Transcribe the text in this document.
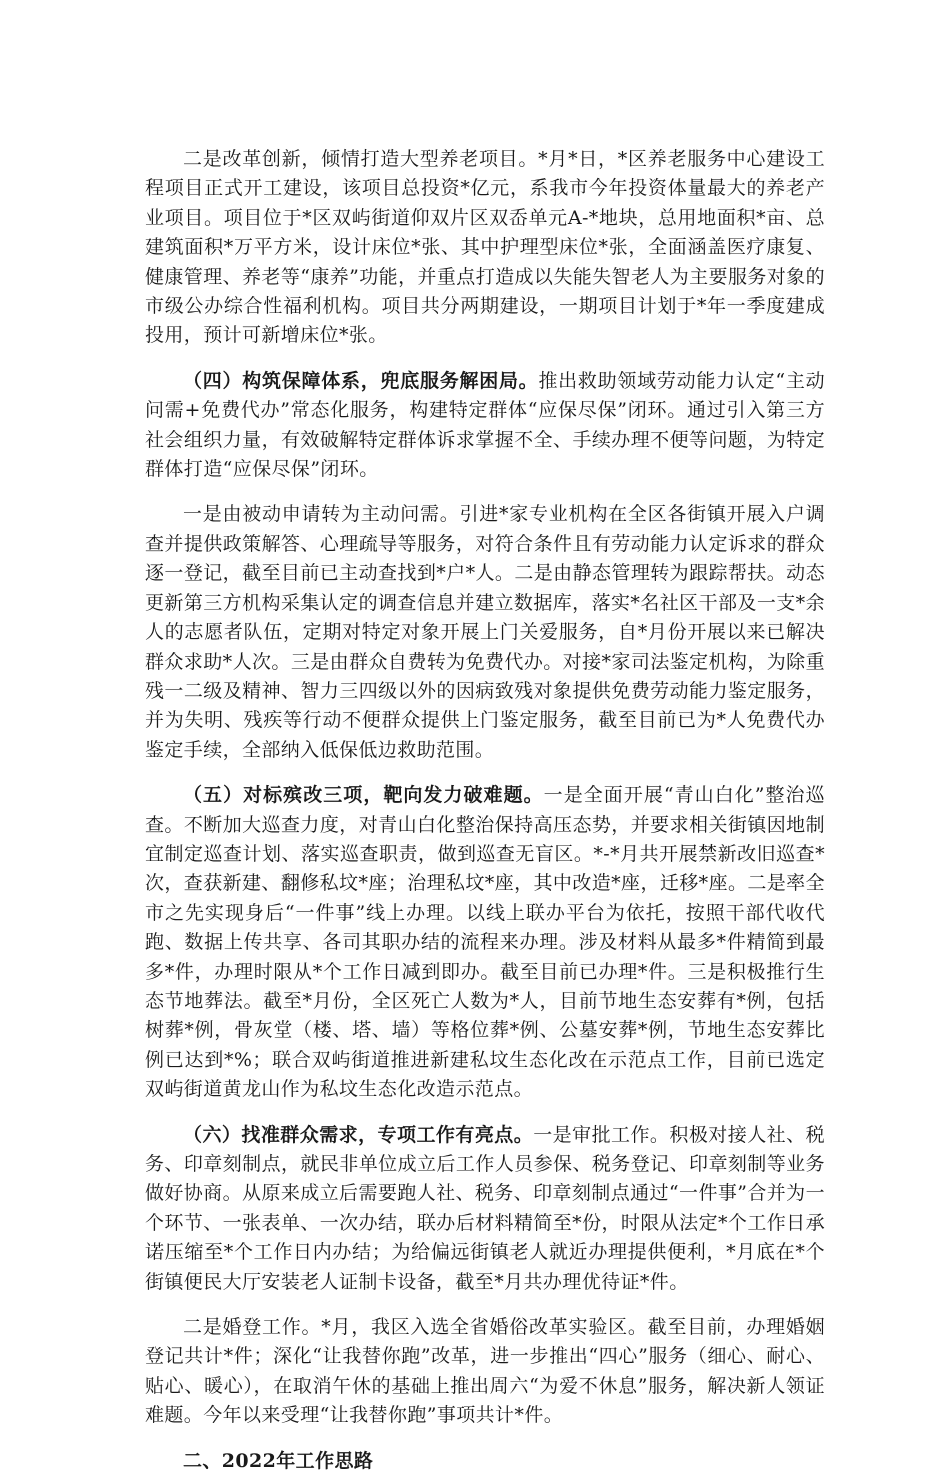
二是改革创新，倾情打造大型养老项目。*月*日，*区养老服务中心建设工程项目正式开工建设，该项目总投资*亿元，系我市今年投资体量最大的养老产业项目。项目位于*区双屿街道仰双片区双岙单元A-*地块，总用地面积*亩、总建筑面积*万平方米，设计床位*张、其中护理型床位*张，全面涵盖医疗康复、健康管理、养老等“康养”功能，并重点打造成以失能失智老人为主要服务对象的市级公办综合性福利机构。项目共分两期建设，一期项目计划于*年一季度建成投用，预计可新增床位*张。

（四）构筑保障体系，兜底服务解困局。推出救助领域劳动能力认定“主动问需+免费代办”常态化服务，构建特定群体“应保尽保”闭环。通过引入第三方社会组织力量，有效破解特定群体诉求掌握不全、手续办理不便等问题，为特定群体打造“应保尽保”闭环。

一是由被动申请转为主动问需。引进*家专业机构在全区各街镇开展入户调查并提供政策解答、心理疏导等服务，对符合条件且有劳动能力认定诉求的群众逐一登记，截至目前已主动查找到*户*人。二是由静态管理转为跟踪帮扶。动态更新第三方机构采集认定的调查信息并建立数据库，落实*名社区干部及一支*余人的志愿者队伍，定期对特定对象开展上门关爱服务，自*月份开展以来已解决群众求助*人次。三是由群众自费转为免费代办。对接*家司法鉴定机构，为除重残一二级及精神、智力三四级以外的因病致残对象提供免费劳动能力鉴定服务，并为失明、残疾等行动不便群众提供上门鉴定服务，截至目前已为*人免费代办鉴定手续，全部纳入低保低边救助范围。

（五）对标殡改三项，靶向发力破难题。一是全面开展“青山白化”整治巡查。不断加大巡查力度，对青山白化整治保持高压态势，并要求相关街镇因地制宜制定巡查计划、落实巡查职责，做到巡查无盲区。*-*月共开展禁新改旧巡查*次，查获新建、翻修私坟*座；治理私坟*座，其中改造*座，迁移*座。二是率全市之先实现身后“一件事”线上办理。以线上联办平台为依托，按照干部代收代跑、数据上传共享、各司其职办结的流程来办理。涉及材料从最多*件精简到最多*件，办理时限从*个工作日减到即办。截至目前已办理*件。三是积极推行生态节地葬法。截至*月份，全区死亡人数为*人，目前节地生态安葬有*例，包括树葬*例，骨灰堂（楼、塔、墙）等格位葬*例、公墓安葬*例，节地生态安葬比例已达到*%；联合双屿街道推进新建私坟生态化改在示范点工作，目前已选定双屿街道黄龙山作为私坟生态化改造示范点。

（六）找准群众需求，专项工作有亮点。一是审批工作。积极对接人社、税务、印章刻制点，就民非单位成立后工作人员参保、税务登记、印章刻制等业务做好协商。从原来成立后需要跑人社、税务、印章刻制点通过“一件事”合并为一个环节、一张表单、一次办结，联办后材料精简至*份，时限从法定*个工作日承诺压缩至*个工作日内办结；为给偏远街镇老人就近办理提供便利，*月底在*个街镇便民大厅安装老人证制卡设备，截至*月共办理优待证*件。

二是婚登工作。*月，我区入选全省婚俗改革实验区。截至目前，办理婚姻登记共计*件；深化“让我替你跑”改革，进一步推出“四心”服务（细心、耐心、贴心、暖心），在取消午休的基础上推出周六“为爱不休息”服务，解决新人领证难题。今年以来受理“让我替你跑”事项共计*件。

二、2022年工作思路
